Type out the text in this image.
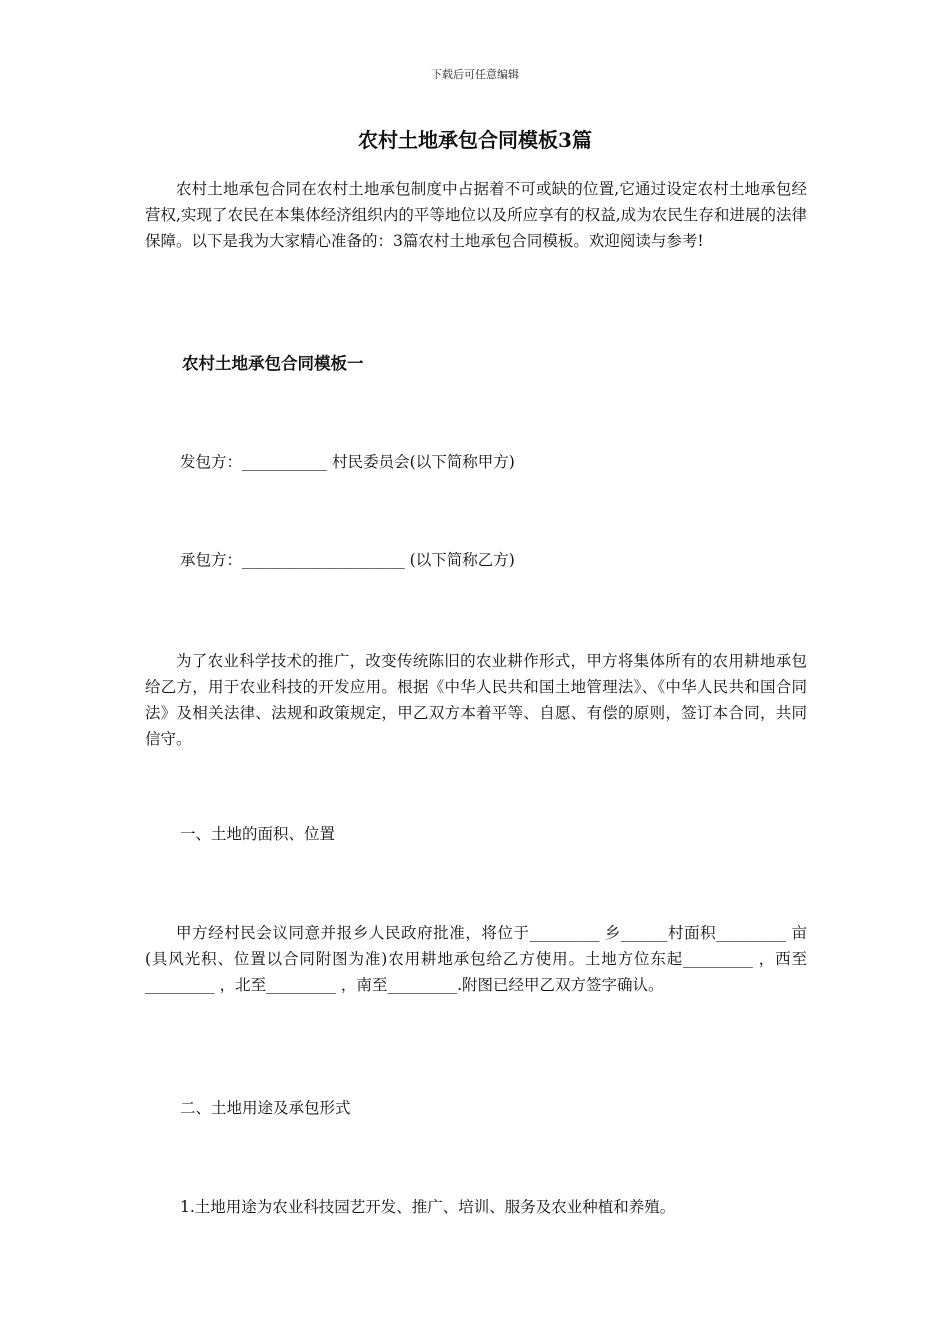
下载后可任意编辑
农村土地承包合同模板3篇

农村土地承包合同在农村土地承包制度中占据着不可或缺的位置,它通过设定农村土地承包经营权,实现了农民在本集体经济组织内的平等地位以及所应享有的权益,成为农民生存和进展的法律保障。以下是我为大家精心准备的：3篇农村土地承包合同模板。欢迎阅读与参考!

农村土地承包合同模板一

发包方：___________ 村民委员会(以下简称甲方)

承包方：_____________________ (以下简称乙方)

为了农业科学技术的推广，改变传统陈旧的农业耕作形式，甲方将集体所有的农用耕地承包给乙方，用于农业科技的开发应用。根据《中华人民共和国土地管理法》、《中华人民共和国合同法》及相关法律、法规和政策规定，甲乙双方本着平等、自愿、有偿的原则，签订本合同，共同信守。

一、土地的面积、位置

甲方经村民会议同意并报乡人民政府批准，将位于_________ 乡______村面积_________ 亩(具风光积、位置以合同附图为准)农用耕地承包给乙方使用。土地方位东起_________ ，西至_________ ，北至_________ ，南至_________.附图已经甲乙双方签字确认。

二、土地用途及承包形式

1.土地用途为农业科技园艺开发、推广、培训、服务及农业种植和养殖。
